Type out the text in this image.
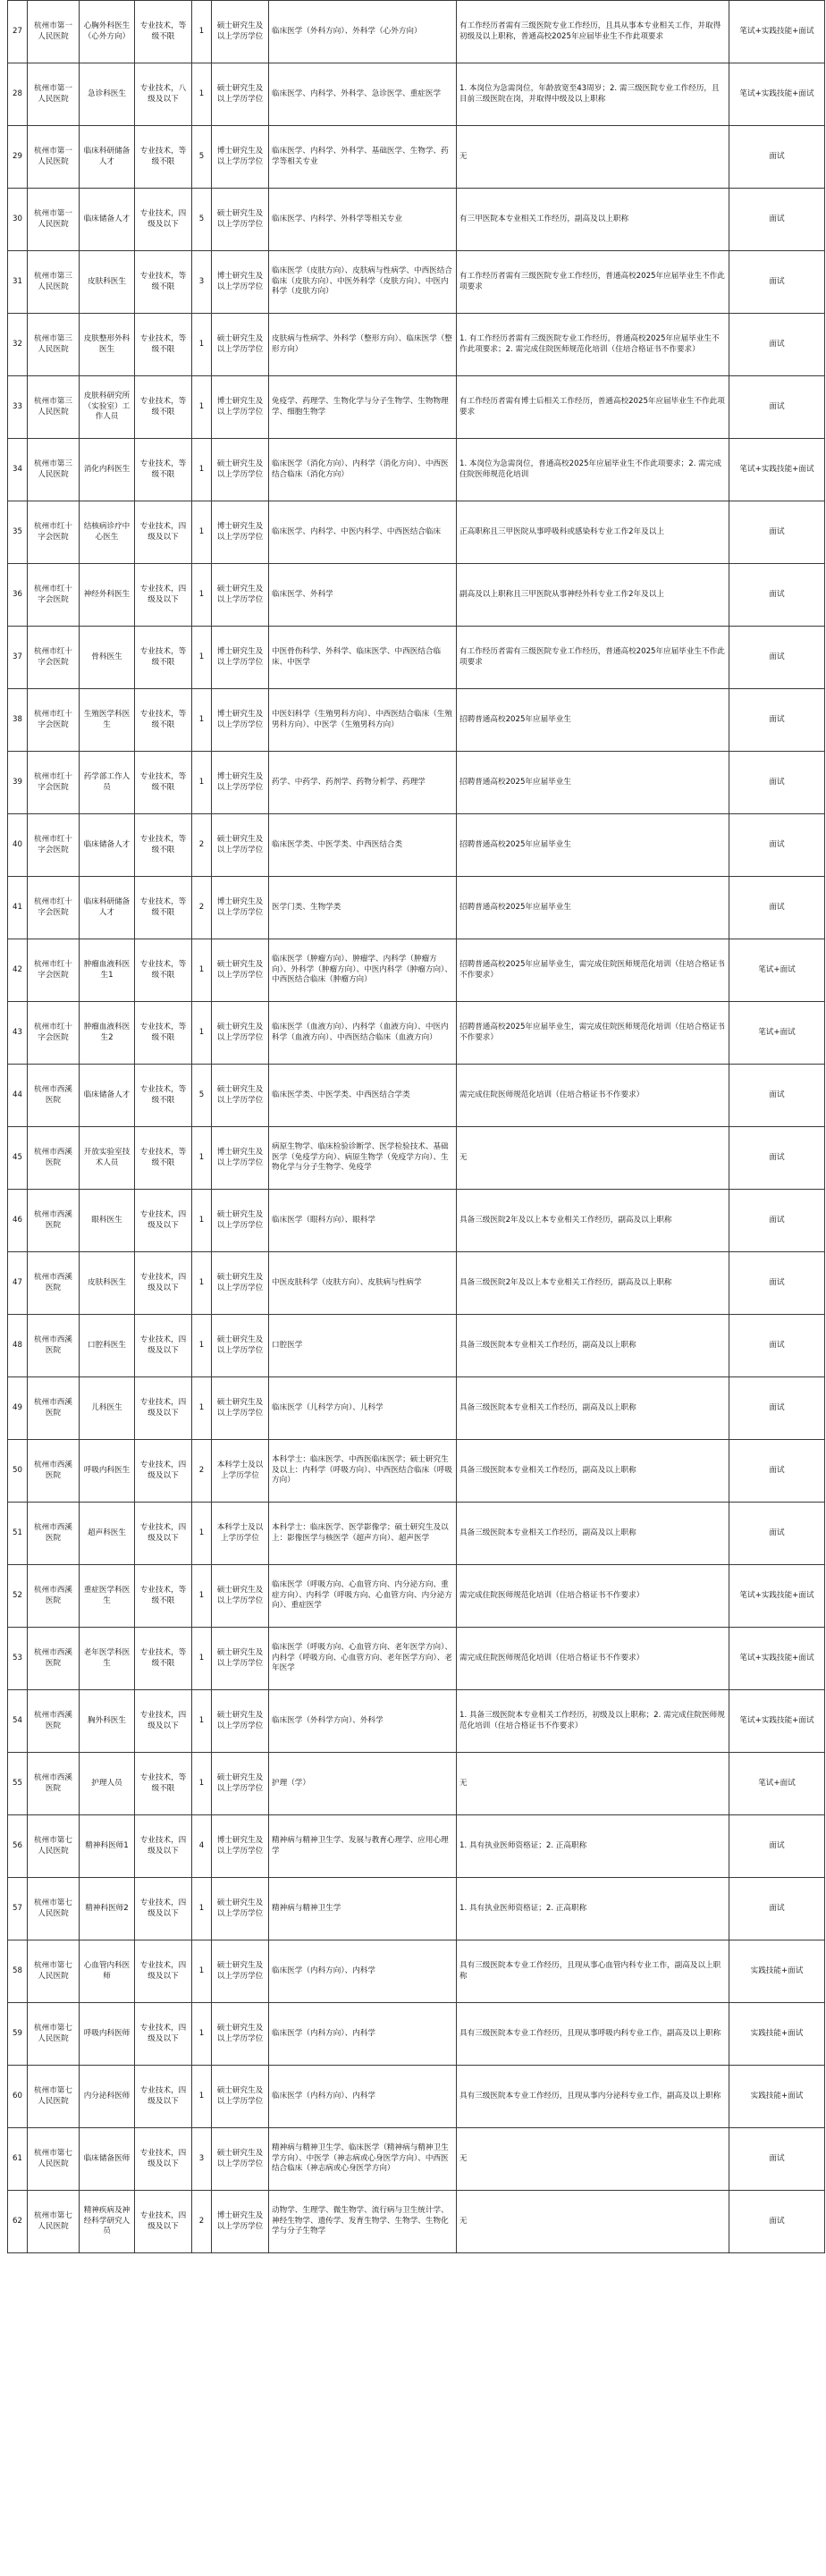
27	杭州市第一人民医院	心胸外科医生（心外方向）	专业技术，等级不限	1	硕士研究生及以上学历学位	临床医学（外科方向）、外科学（心外方向）	有工作经历者需有三级医院专业工作经历，且具从事本专业相关工作，并取得初级及以上职称，普通高校2025年应届毕业生不作此项要求	笔试+实践技能+面试
28	杭州市第一人民医院	急诊科医生	专业技术，八级及以下	1	硕士研究生及以上学历学位	临床医学、内科学、外科学、急诊医学、重症医学	1. 本岗位为急需岗位，年龄放宽至43周岁；2. 需三级医院专业工作经历，且目前三级医院在岗，并取得中级及以上职称	笔试+实践技能+面试
29	杭州市第一人民医院	临床科研储备人才	专业技术，等级不限	5	博士研究生及以上学历学位	临床医学、内科学、外科学、基础医学、生物学、药学等相关专业	无	面试
30	杭州市第一人民医院	临床储备人才	专业技术，四级及以下	5	硕士研究生及以上学历学位	临床医学、内科学、外科学等相关专业	有三甲医院本专业相关工作经历，副高及以上职称	面试
31	杭州市第三人民医院	皮肤科医生	专业技术，等级不限	3	博士研究生及以上学历学位	临床医学（皮肤方向）、皮肤病与性病学、中西医结合临床（皮肤方向）、中医外科学（皮肤方向）、中医内科学（皮肤方向）	有工作经历者需有三级医院专业工作经历，普通高校2025年应届毕业生不作此项要求	面试
32	杭州市第三人民医院	皮肤整形外科医生	专业技术，等级不限	1	硕士研究生及以上学历学位	皮肤病与性病学、外科学（整形方向）、临床医学（整形方向）	1. 有工作经历者需有三级医院专业工作经历，普通高校2025年应届毕业生不作此项要求；2. 需完成住院医师规范化培训（住培合格证书不作要求）	面试
33	杭州市第三人民医院	皮肤科研究所（实验室）工作人员	专业技术，等级不限	1	博士研究生及以上学历学位	免疫学、药理学、生物化学与分子生物学、生物物理学、细胞生物学	有工作经历者需有博士后相关工作经历，普通高校2025年应届毕业生不作此项要求	面试
34	杭州市第三人民医院	消化内科医生	专业技术，等级不限	1	硕士研究生及以上学历学位	临床医学（消化方向）、内科学（消化方向）、中西医结合临床（消化方向）	1. 本岗位为急需岗位，普通高校2025年应届毕业生不作此项要求；2. 需完成住院医师规范化培训	笔试+实践技能+面试
35	杭州市红十字会医院	结核病诊疗中心医生	专业技术，四级及以下	1	博士研究生及以上学历学位	临床医学、内科学、中医内科学、中西医结合临床	正高职称且三甲医院从事呼吸科或感染科专业工作2年及以上	面试
36	杭州市红十字会医院	神经外科医生	专业技术，四级及以下	1	硕士研究生及以上学历学位	临床医学、外科学	副高及以上职称且三甲医院从事神经外科专业工作2年及以上	面试
37	杭州市红十字会医院	骨科医生	专业技术，等级不限	1	博士研究生及以上学历学位	中医骨伤科学、外科学、临床医学、中西医结合临床、中医学	有工作经历者需有三级医院专业工作经历，普通高校2025年应届毕业生不作此项要求	面试
38	杭州市红十字会医院	生殖医学科医生	专业技术，等级不限	1	博士研究生及以上学历学位	中医妇科学（生殖男科方向）、中西医结合临床（生殖男科方向）、中医学（生殖男科方向）	招聘普通高校2025年应届毕业生	面试
39	杭州市红十字会医院	药学部工作人员	专业技术，等级不限	1	博士研究生及以上学历学位	药学、中药学、药剂学、药物分析学、药理学	招聘普通高校2025年应届毕业生	面试
40	杭州市红十字会医院	临床储备人才	专业技术，等级不限	2	硕士研究生及以上学历学位	临床医学类、中医学类、中西医结合类	招聘普通高校2025年应届毕业生	面试
41	杭州市红十字会医院	临床科研储备人才	专业技术，等级不限	2	博士研究生及以上学历学位	医学门类、生物学类	招聘普通高校2025年应届毕业生	面试
42	杭州市红十字会医院	肿瘤血液科医生1	专业技术，等级不限	1	硕士研究生及以上学历学位	临床医学（肿瘤方向）、肿瘤学、内科学（肿瘤方向）、外科学（肿瘤方向）、中医内科学（肿瘤方向）、中西医结合临床（肿瘤方向）	招聘普通高校2025年应届毕业生，需完成住院医师规范化培训（住培合格证书不作要求）	笔试+面试
43	杭州市红十字会医院	肿瘤血液科医生2	专业技术，等级不限	1	硕士研究生及以上学历学位	临床医学（血液方向）、内科学（血液方向）、中医内科学（血液方向）、中西医结合临床（血液方向）	招聘普通高校2025年应届毕业生，需完成住院医师规范化培训（住培合格证书不作要求）	笔试+面试
44	杭州市西溪医院	临床储备人才	专业技术，等级不限	5	硕士研究生及以上学历学位	临床医学类、中医学类、中西医结合学类	需完成住院医师规范化培训（住培合格证书不作要求）	面试
45	杭州市西溪医院	开放实验室技术人员	专业技术，等级不限	1	博士研究生及以上学历学位	病原生物学、临床检验诊断学、医学检验技术、基础医学（免疫学方向）、病原生物学（免疫学方向）、生物化学与分子生物学、免疫学	无	面试
46	杭州市西溪医院	眼科医生	专业技术，四级及以下	1	硕士研究生及以上学历学位	临床医学（眼科方向）、眼科学	具备三级医院2年及以上本专业相关工作经历，副高及以上职称	面试
47	杭州市西溪医院	皮肤科医生	专业技术，四级及以下	1	硕士研究生及以上学历学位	中医皮肤科学（皮肤方向）、皮肤病与性病学	具备三级医院2年及以上本专业相关工作经历，副高及以上职称	面试
48	杭州市西溪医院	口腔科医生	专业技术，四级及以下	1	硕士研究生及以上学历学位	口腔医学	具备三级医院本专业相关工作经历，副高及以上职称	面试
49	杭州市西溪医院	儿科医生	专业技术，四级及以下	1	硕士研究生及以上学历学位	临床医学（儿科学方向）、儿科学	具备三级医院本专业相关工作经历，副高及以上职称	面试
50	杭州市西溪医院	呼吸内科医生	专业技术，四级及以下	2	本科学士及以上学历学位	本科学士：临床医学、中西医临床医学；硕士研究生及以上：内科学（呼吸方向）、中西医结合临床（呼吸方向）	具备三级医院本专业相关工作经历，副高及以上职称	面试
51	杭州市西溪医院	超声科医生	专业技术，四级及以下	1	本科学士及以上学历学位	本科学士：临床医学、医学影像学；硕士研究生及以上：影像医学与核医学（超声方向）、超声医学	具备三级医院本专业相关工作经历，副高及以上职称	面试
52	杭州市西溪医院	重症医学科医生	专业技术，等级不限	1	硕士研究生及以上学历学位	临床医学（呼吸方向、心血管方向、内分泌方向、重症方向）、内科学（呼吸方向、心血管方向、内分泌方向）、重症医学	需完成住院医师规范化培训（住培合格证书不作要求）	笔试+实践技能+面试
53	杭州市西溪医院	老年医学科医生	专业技术，等级不限	1	硕士研究生及以上学历学位	临床医学（呼吸方向、心血管方向、老年医学方向）、内科学（呼吸方向、心血管方向、老年医学方向）、老年医学	需完成住院医师规范化培训（住培合格证书不作要求）	笔试+实践技能+面试
54	杭州市西溪医院	胸外科医生	专业技术，四级及以下	1	硕士研究生及以上学历学位	临床医学（外科学方向）、外科学	1. 具备三级医院本专业相关工作经历，初级及以上职称；2. 需完成住院医师规范化培训（住培合格证书不作要求）	笔试+实践技能+面试
55	杭州市西溪医院	护理人员	专业技术，等级不限	1	硕士研究生及以上学历学位	护理（学）	无	笔试+面试
56	杭州市第七人民医院	精神科医师1	专业技术，四级及以下	4	博士研究生及以上学历学位	精神病与精神卫生学、发展与教育心理学、应用心理学	1. 具有执业医师资格证；2. 正高职称	面试
57	杭州市第七人民医院	精神科医师2	专业技术，四级及以下	1	硕士研究生及以上学历学位	精神病与精神卫生学	1. 具有执业医师资格证；2. 正高职称	面试
58	杭州市第七人民医院	心血管内科医师	专业技术，四级及以下	1	硕士研究生及以上学历学位	临床医学（内科方向）、内科学	具有三级医院本专业工作经历，且现从事心血管内科专业工作，副高及以上职称	实践技能+面试
59	杭州市第七人民医院	呼吸内科医师	专业技术，四级及以下	1	硕士研究生及以上学历学位	临床医学（内科方向）、内科学	具有三级医院本专业工作经历，且现从事呼吸内科专业工作，副高及以上职称	实践技能+面试
60	杭州市第七人民医院	内分泌科医师	专业技术，四级及以下	1	硕士研究生及以上学历学位	临床医学（内科方向）、内科学	具有三级医院本专业工作经历，且现从事内分泌科专业工作，副高及以上职称	实践技能+面试
61	杭州市第七人民医院	临床储备医师	专业技术，四级及以下	3	硕士研究生及以上学历学位	精神病与精神卫生学、临床医学（精神病与精神卫生学方向）、中医学（神志病或心身医学方向）、中西医结合临床（神志病或心身医学方向）	无	面试
62	杭州市第七人民医院	精神疾病及神经科学研究人员	专业技术，四级及以下	2	博士研究生及以上学历学位	动物学、生理学、微生物学、流行病与卫生统计学、神经生物学、遗传学、发育生物学、生物学、生物化学与分子生物学	无	面试
